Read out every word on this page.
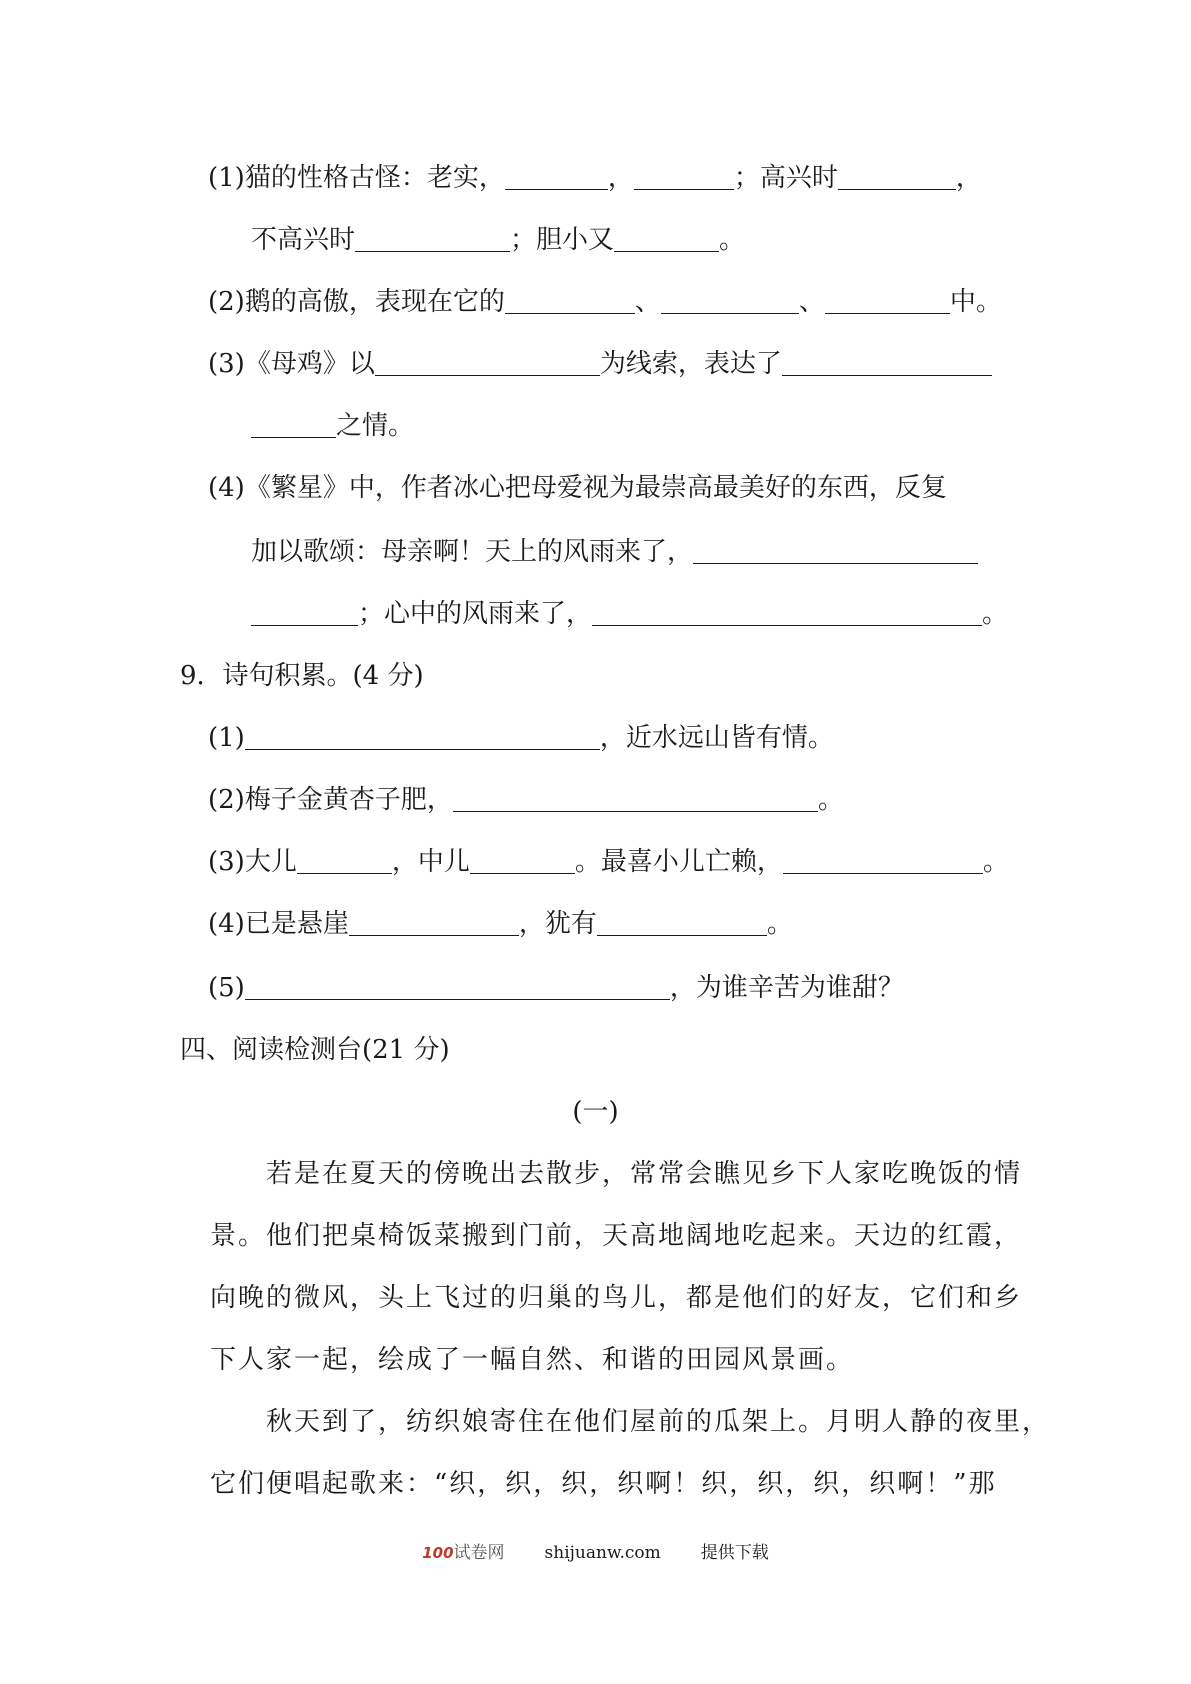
(1)猫的性格古怪：老实，	，	；高兴时	，
不高兴时	；胆小又	。
(2)鹅的高傲，表现在它的	、	、	中。
(3)《母鸡》以	为线索，表达了
之情。
(4)《繁星》中，作者冰心把母爱视为最崇高最美好的东西，反复
加以歌颂：母亲啊！天上的风雨来了，
；心中的风雨来了，	。
9．诗句积累。(4 分)
(1)	，近水远山皆有情。
(2)梅子金黄杏子肥，	。
(3)大儿	，中儿	。最喜小儿亡赖，	。
(4)已是悬崖	，犹有	。
(5)	，为谁辛苦为谁甜？
四、阅读检测台(21 分)
(一)
若是在夏天的傍晚出去散步，常常会瞧见乡下人家吃晚饭的情
景。他们把桌椅饭菜搬到门前，天高地阔地吃起来。天边的红霞，
向晚的微风，头上飞过的归巢的鸟儿，都是他们的好友，它们和乡
下人家一起，绘成了一幅自然、和谐的田园风景画。
秋天到了，纺织娘寄住在他们屋前的瓜架上。月明人静的夜里，
它们便唱起歌来：“织，织，织，织啊！织，织，织，织啊！”那
100试卷网 shijuanw.com 提供下载
